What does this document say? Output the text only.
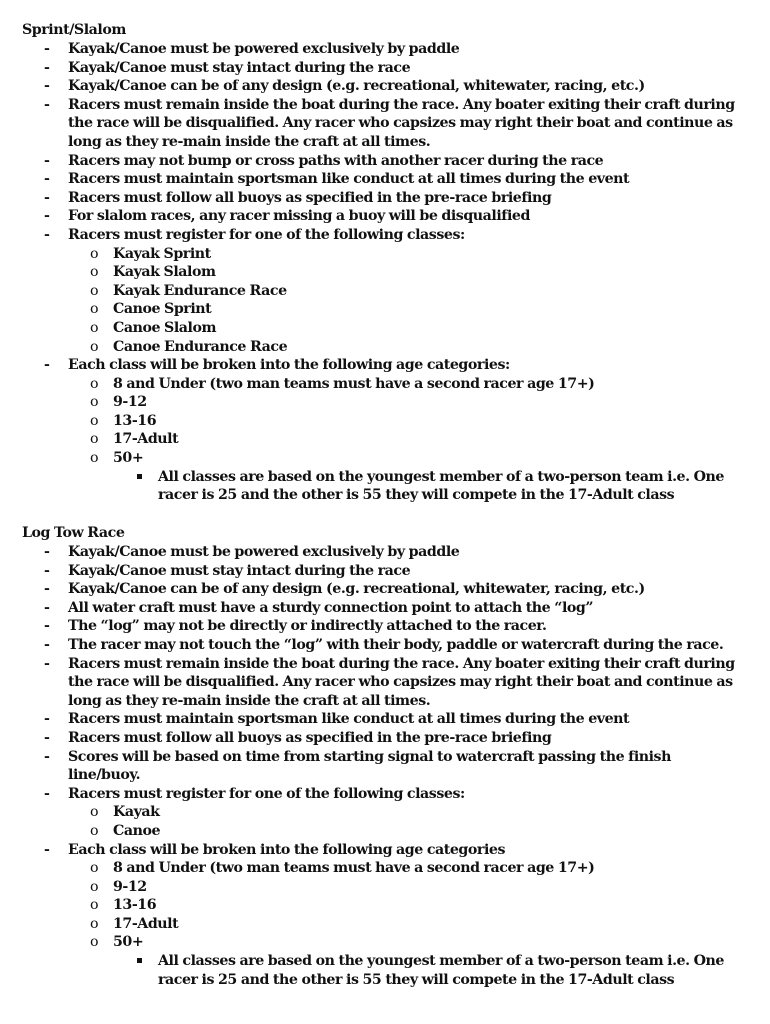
Sprint/Slalom
- Kayak/Canoe must be powered exclusively by paddle
- Kayak/Canoe must stay intact during the race
- Kayak/Canoe can be of any design (e.g. recreational, whitewater, racing, etc.)
- Racers must remain inside the boat during the race. Any boater exiting their craft during the race will be disqualified. Any racer who capsizes may right their boat and continue as long as they re-main inside the craft at all times.
- Racers may not bump or cross paths with another racer during the race
- Racers must maintain sportsman like conduct at all times during the event
- Racers must follow all buoys as specified in the pre-race briefing
- For slalom races, any racer missing a buoy will be disqualified
- Racers must register for one of the following classes:
o Kayak Sprint
o Kayak Slalom
o Kayak Endurance Race
o Canoe Sprint
o Canoe Slalom
o Canoe Endurance Race
- Each class will be broken into the following age categories:
o 8 and Under (two man teams must have a second racer age 17+)
o 9-12
o 13-16
o 17-Adult
o 50+
All classes are based on the youngest member of a two-person team i.e. One racer is 25 and the other is 55 they will compete in the 17-Adult class
Log Tow Race
- Kayak/Canoe must be powered exclusively by paddle
- Kayak/Canoe must stay intact during the race
- Kayak/Canoe can be of any design (e.g. recreational, whitewater, racing, etc.)
- All water craft must have a sturdy connection point to attach the “log”
- The “log” may not be directly or indirectly attached to the racer.
- The racer may not touch the “log” with their body, paddle or watercraft during the race.
- Racers must remain inside the boat during the race. Any boater exiting their craft during the race will be disqualified. Any racer who capsizes may right their boat and continue as long as they re-main inside the craft at all times.
- Racers must maintain sportsman like conduct at all times during the event
- Racers must follow all buoys as specified in the pre-race briefing
- Scores will be based on time from starting signal to watercraft passing the finish line/buoy.
- Racers must register for one of the following classes:
o Kayak
o Canoe
- Each class will be broken into the following age categories
o 8 and Under (two man teams must have a second racer age 17+)
o 9-12
o 13-16
o 17-Adult
o 50+
All classes are based on the youngest member of a two-person team i.e. One racer is 25 and the other is 55 they will compete in the 17-Adult class
